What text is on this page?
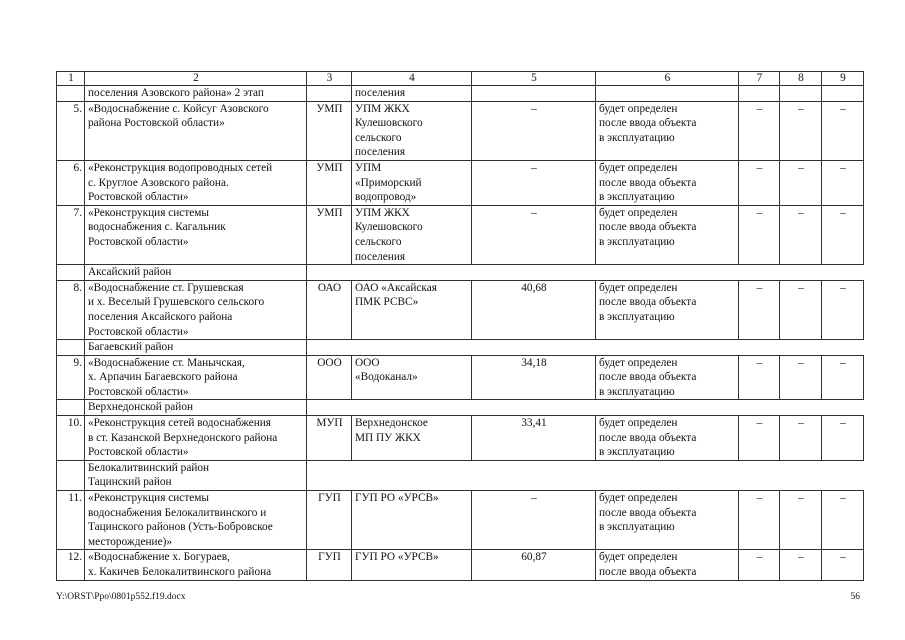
1	2	3	4	5	6	7	8	9
	поселения Азовского района» 2 этап		поселения					
5.	«Водоснабжение с. Койсуг Азовского
района Ростовской области»	УМП	УПМ ЖКХ
Кулешовского
сельского
поселения	–	будет определен
после ввода объекта
в эксплуатацию	–	–	–
6.	«Реконструкция водопроводных сетей
с. Круглое Азовского района.
Ростовской области»	УМП	УПМ
«Приморский
водопровод»	–	будет определен
после ввода объекта
в эксплуатацию	–	–	–
7.	«Реконструкция системы
водоснабжения с. Кагальник
Ростовской области»	УМП	УПМ ЖКХ
Кулешовского
сельского
поселения	–	будет определен
после ввода объекта
в эксплуатацию	–	–	–
	Аксайский район							
8.	«Водоснабжение ст. Грушевская
и х. Веселый Грушевского сельского
поселения Аксайского района
Ростовской области»	ОАО	ОАО «Аксайская
ПМК РСВС»	40,68	будет определен
после ввода объекта
в эксплуатацию	–	–	–
	Багаевский район							
9.	«Водоснабжение ст. Манычская,
х. Арпачин Багаевского района
Ростовской области»	ООО	ООО
«Водоканал»	34,18	будет определен
после ввода объекта
в эксплуатацию	–	–	–
	Верхнедонской район							
10.	«Реконструкция сетей водоснабжения
в ст. Казанской Верхнедонского района
Ростовской области»	МУП	Верхнедонское
МП ПУ ЖКХ	33,41	будет определен
после ввода объекта
в эксплуатацию	–	–	–
	Белокалитвинский район
Тацинский район							
11.	«Реконструкция системы
водоснабжения Белокалитвинского и
Тацинского районов (Усть-Бобровское
месторождение)»	ГУП	ГУП РО «УРСВ»	–	будет определен
после ввода объекта
в эксплуатацию	–	–	–
12.	«Водоснабжение х. Богураев,
х. Какичев Белокалитвинского района	ГУП	ГУП РО «УРСВ»	60,87	будет определен
после ввода объекта	–	–	–
Y:\ORST\Ppo\0801p552.f19.docx	56
